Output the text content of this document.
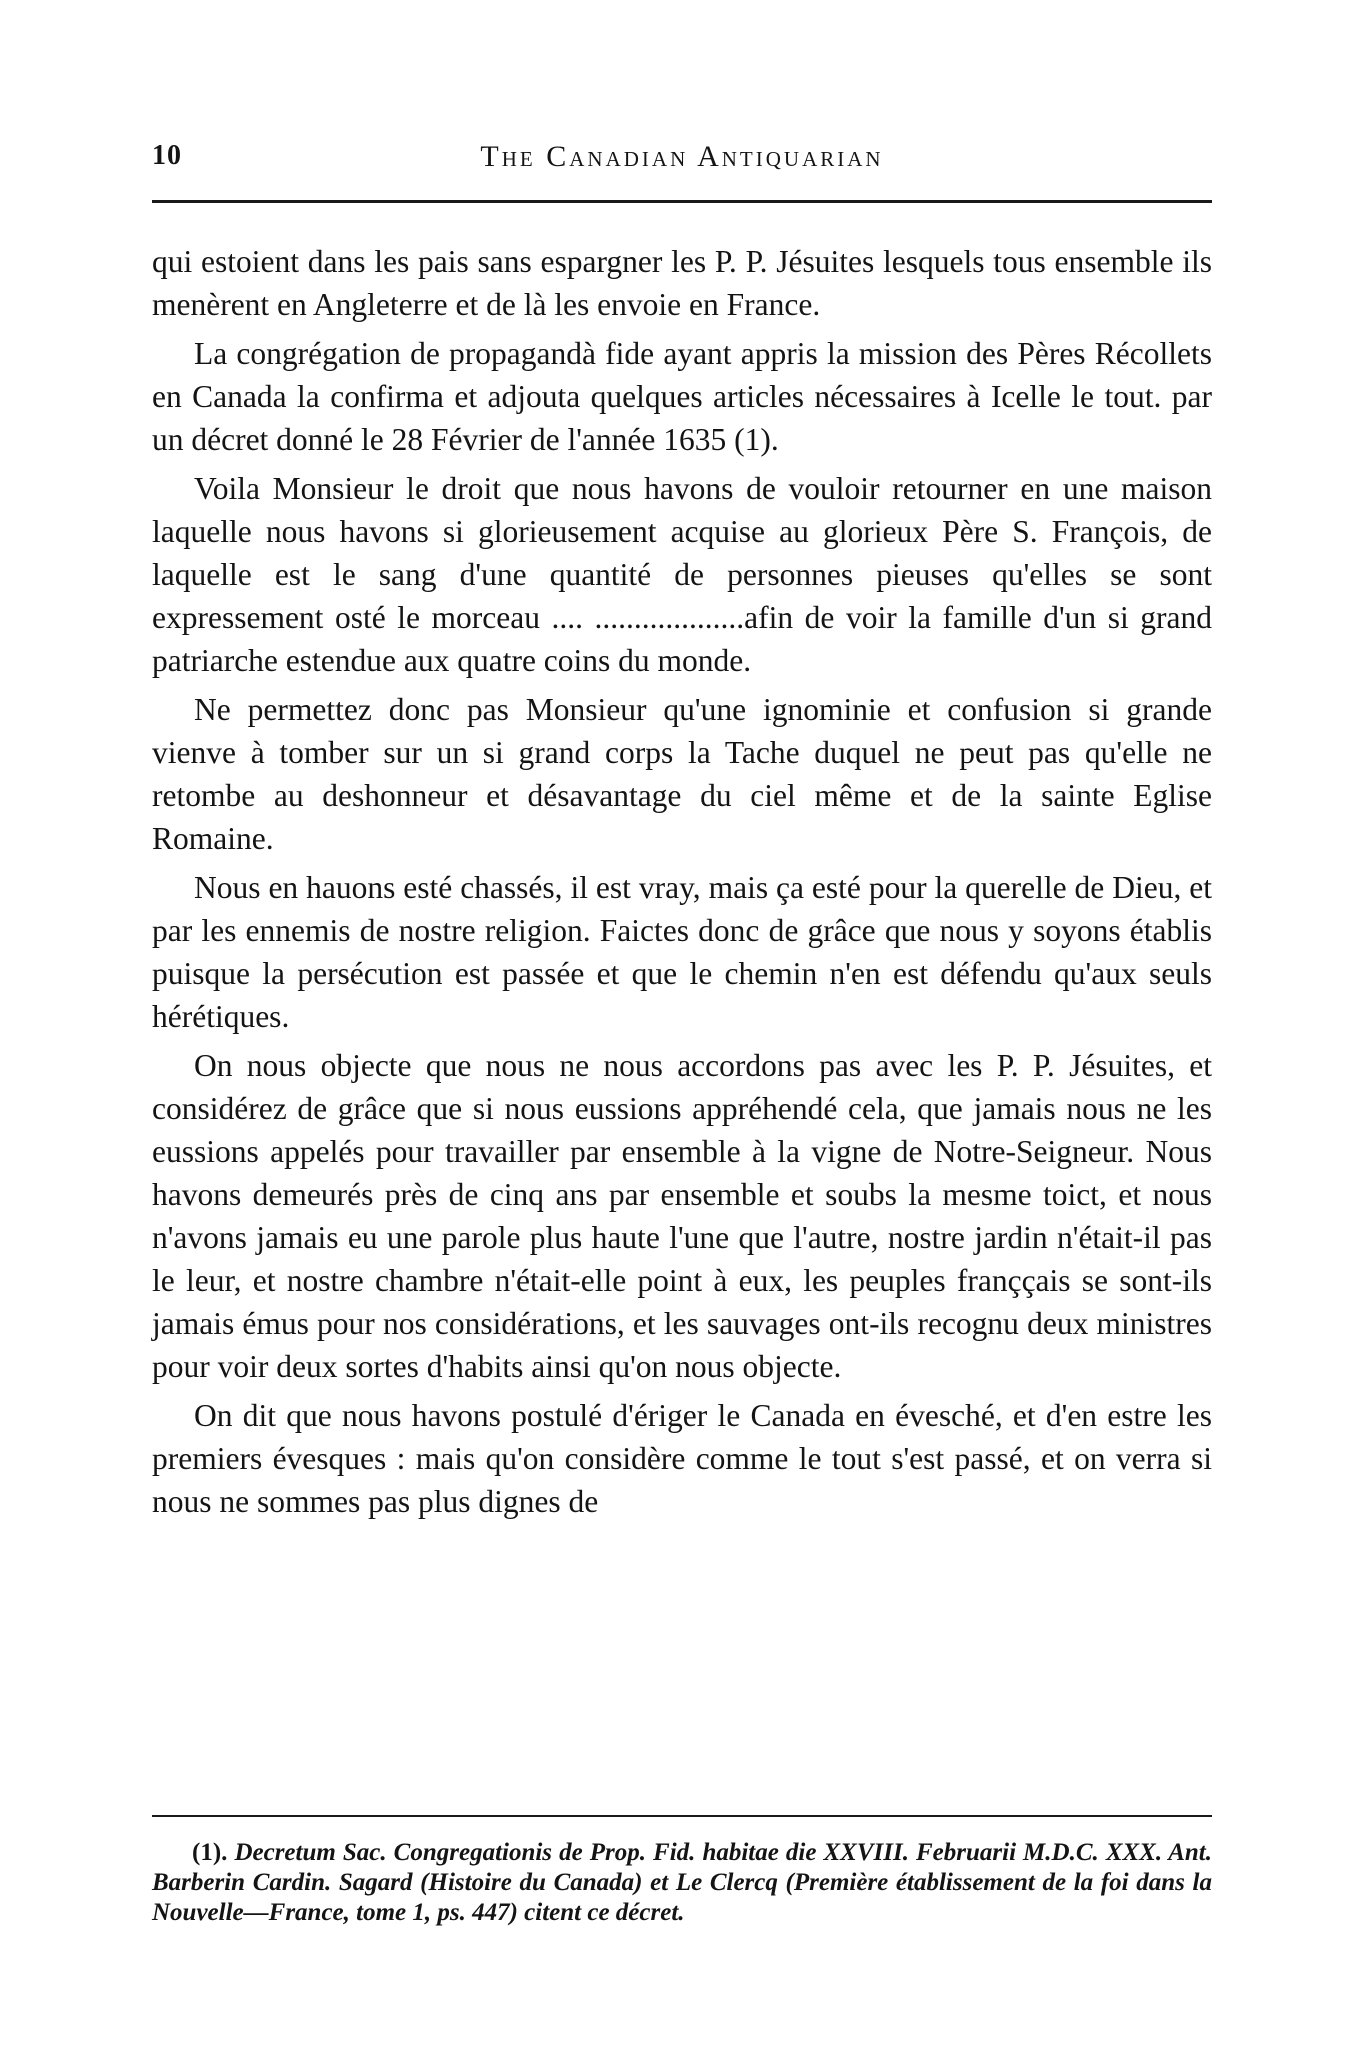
10	The Canadian Antiquarian

qui estoient dans les pais sans espargner les P. P. Jésuites lesquels tous ensemble ils menèrent en Angleterre et de là les envoie en France.

La congrégation de propagandà fide ayant appris la mission des Pères Récollets en Canada la confirma et adjouta quelques articles nécessaires à Icelle le tout. par un décret donné le 28 Février de l'année 1635 (1).

Voila Monsieur le droit que nous havons de vouloir retourner en une maison laquelle nous havons si glorieusement acquise au glorieux Père S. François, de laquelle est le sang d'une quantité de personnes pieuses qu'elles se sont expressement osté le morceau .... ...................afin de voir la famille d'un si grand patriarche estendue aux quatre coins du monde.

Ne permettez donc pas Monsieur qu'une ignominie et confusion si grande vienve à tomber sur un si grand corps la Tache duquel ne peut pas qu'elle ne retombe au deshonneur et désavantage du ciel même et de la sainte Eglise Romaine.

Nous en hauons esté chassés, il est vray, mais ça esté pour la querelle de Dieu, et par les ennemis de nostre religion. Faictes donc de grâce que nous y soyons établis puisque la persécution est passée et que le chemin n'en est défendu qu'aux seuls hérétiques.

On nous objecte que nous ne nous accordons pas avec les P. P. Jésuites, et considérez de grâce que si nous eussions appréhendé cela, que jamais nous ne les eussions appelés pour travailler par ensemble à la vigne de Notre-Seigneur. Nous havons demeurés près de cinq ans par ensemble et soubs la mesme toict, et nous n'avons jamais eu une parole plus haute l'une que l'autre, nostre jardin n'était-il pas le leur, et nostre chambre n'était-elle point à eux, les peuples franççais se sont-ils jamais émus pour nos considérations, et les sauvages ont-ils recognu deux ministres pour voir deux sortes d'habits ainsi qu'on nous objecte.

On dit que nous havons postulé d'ériger le Canada en évesché, et d'en estre les premiers évesques : mais qu'on considère comme le tout s'est passé, et on verra si nous ne sommes pas plus dignes de

(1). Decretum Sac. Congregationis de Prop. Fid. habitae die XXVIII. Februarii M.D.C. XXX. Ant. Barberin Cardin. Sagard (Histoire du Canada) et Le Clercq (Première établissement de la foi dans la Nouvelle—France, tome 1, ps. 447) citent ce décret.
